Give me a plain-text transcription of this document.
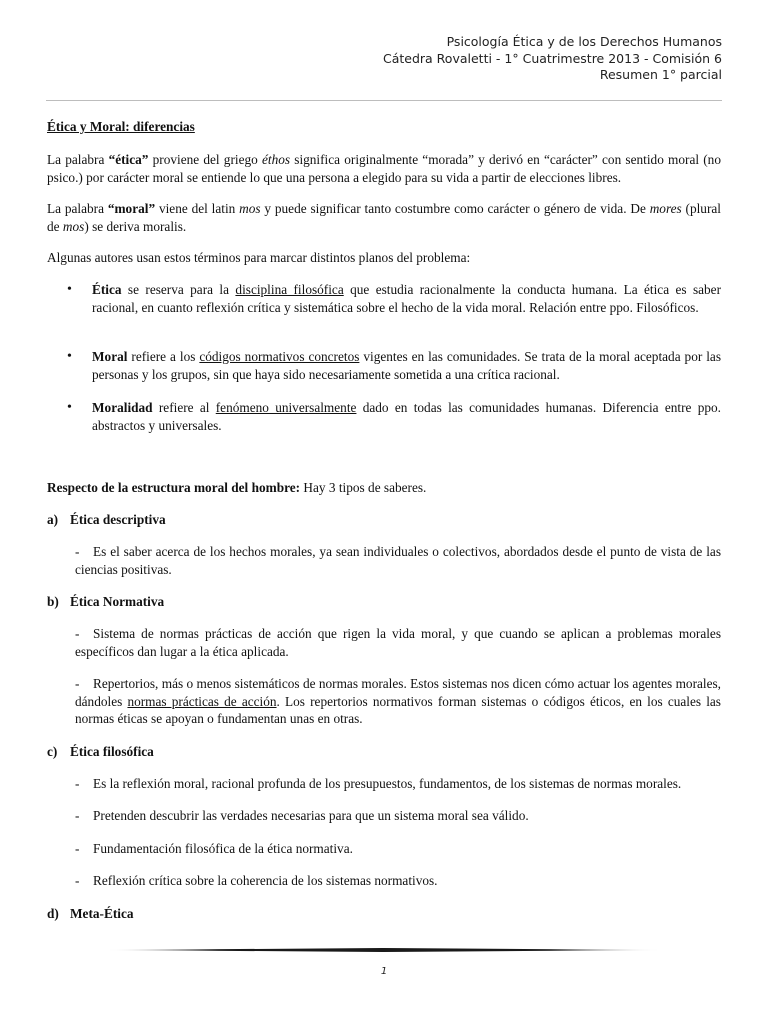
Psicología Ética y de los Derechos Humanos
Cátedra Rovaletti - 1° Cuatrimestre 2013 - Comisión 6
Resumen 1° parcial

Ética y Moral: diferencias

La palabra “ética” proviene del griego éthos significa originalmente “morada” y derivó en “carácter” con sentido moral (no psico.) por carácter moral se entiende lo que una persona a elegido para su vida a partir de elecciones libres.

La palabra “moral” viene del latin mos y puede significar tanto costumbre como carácter o género de vida. De mores (plural de mos) se deriva moralis.

Algunas autores usan estos términos para marcar distintos planos del problema:

• Ética se reserva para la disciplina filosófica que estudia racionalmente la conducta humana. La ética es saber racional, en cuanto reflexión crítica y sistemática sobre el hecho de la vida moral. Relación entre ppo. Filosóficos.
• Moral refiere a los códigos normativos concretos vigentes en las comunidades. Se trata de la moral aceptada por las personas y los grupos, sin que haya sido necesariamente sometida a una crítica racional.
• Moralidad refiere al fenómeno universalmente dado en todas las comunidades humanas. Diferencia entre ppo. abstractos y universales.

Respecto de la estructura moral del hombre: Hay 3 tipos de saberes.

a) Ética descriptiva
- Es el saber acerca de los hechos morales, ya sean individuales o colectivos, abordados desde el punto de vista de las ciencias positivas.
b) Ética Normativa
- Sistema de normas prácticas de acción que rigen la vida moral, y que cuando se aplican a problemas morales específicos dan lugar a la ética aplicada.
- Repertorios, más o menos sistemáticos de normas morales. Estos sistemas nos dicen cómo actuar los agentes morales, dándoles normas prácticas de acción. Los repertorios normativos forman sistemas o códigos éticos, en los cuales las normas éticas se apoyan o fundamentan unas en otras.
c) Ética filosófica
- Es la reflexión moral, racional profunda de los presupuestos, fundamentos, de los sistemas de normas morales.
- Pretenden descubrir las verdades necesarias para que un sistema moral sea válido.
- Fundamentación filosófica de la ética normativa.
- Reflexión crítica sobre la coherencia de los sistemas normativos.
d) Meta-Ética
1
